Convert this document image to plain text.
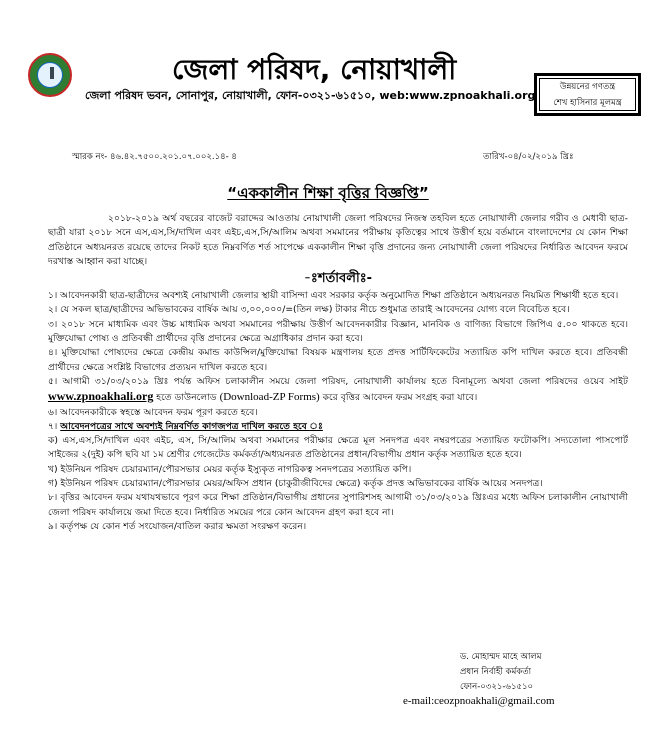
জেলা পরিষদ, নোয়াখালী
জেলা পরিষদ ভবন, সোনাপুর, নোয়াখালী, ফোন-০৩২১-৬১৫১০, web:www.zpnoakhali.org
উন্নয়নের গণতন্ত্র
শেখ হাসিনার মূলমন্ত্র
স্মারক নং- ৪৬.৪২.৭৫০০.২০১.০৭.০০২.১৪- ৪	তারিখ-০৪/০২/২০১৯ খ্রিঃ
“এককালীন শিক্ষা বৃত্তির বিজ্ঞপ্তি”

২০১৮-২০১৯ অর্থ বছরের বাজেট বরাদ্দের আওতায় নোয়াখালী জেলা পরিষদের নিজস্ব তহবিল হতে নোয়াখালী জেলার গরীব ও মেধাবী ছাত্র-ছাত্রী যারা ২০১৮ সনে এস,এস,সি/দাখিল এবং এইচ,এস,সি/আলিম অথবা সমমানের পরীক্ষায় কৃতিত্বের সাথে উত্তীর্ণ হয়ে বর্তমানে বাংলাদেশের যে কোন শিক্ষা প্রতিষ্ঠানে অধ্যয়নরত রয়েছে তাদের নিকট হতে নিম্নবর্ণিত শর্ত সাপেক্ষে এককালীন শিক্ষা বৃত্তি প্রদানের জন্য নোয়াখালী জেলা পরিষদের নির্ধারিত আবেদন ফরমে দরখাস্ত আহ্বান করা যাচ্ছে।

-ঃশর্তাবলীঃ-

১। আবেদনকারী ছাত্র-ছাত্রীদের অবশ্যই নোয়াখালী জেলার স্থায়ী বাসিন্দা এবং সরকার কর্তৃক অনুমোদিত শিক্ষা প্রতিষ্ঠানে অধ্যয়নরত নিয়মিত শিক্ষার্থী হতে হবে।

২। যে সকল ছাত্র/ছাত্রীদের অভিভাবকের বার্ষিক আয় ৩,০০,০০০/=(তিন লক্ষ) টাকার নীচে শুধুমাত্র তারাই আবেদনের যোগ্য বলে বিবেচিত হবে।

৩। ২০১৮ সনে মাধ্যমিক এবং উচ্চ মাধ্যমিক অথবা সমমানের পরীক্ষায় উত্তীর্ণ আবেদনকারীর বিজ্ঞান, মানবিক ও বাণিজ্য বিভাগে জিপিএ ৫.০০ থাকতে হবে। মুক্তিযোদ্ধা পোষ্য ও প্রতিবন্ধী প্রার্থীদের বৃত্তি প্রদানের ক্ষেত্রে অগ্রাধিকার প্রদান করা হবে।

৪। মুক্তিযোদ্ধা পোষ্যদের ক্ষেত্রে কেন্দ্রীয় কমান্ড কাউন্সিল/মুক্তিযোদ্ধা বিষয়ক মন্ত্রণালয় হতে প্রদত্ত সার্টিফিকেটের সত্যায়িত কপি দাখিল করতে হবে। প্রতিবন্ধী প্রার্থীদের ক্ষেত্রে সংশ্লিষ্ট বিভাগের প্রত্যয়ন দাখিল করতে হবে।

৫। আগামী ৩১/০৩/২০১৯ খ্রিঃ পর্যন্ত অফিস চলাকালীন সময়ে জেলা পরিষদ, নোয়াখালী কার্যালয় হতে বিনামূল্যে অথবা জেলা পরিষদের ওয়েব সাইট www.zpnoakhali.org হতে ডাউনলোড (Download-ZP Forms) করে বৃত্তির আবেদন ফরম সংগ্রহ করা যাবে।

৬। আবেদনকারীকে স্বহস্তে আবেদন ফরম পূরণ করতে হবে।

৭। আবেদনপত্রের সাথে অবশ্যই নিম্নবর্ণিত কাগজপত্র দাখিল করতে হবে ঃ

ক) এস,এস,সি/দাখিল এবং এইচ, এস, সি/আলিম অথবা সমমানের পরীক্ষার ক্ষেত্রে মূল সনদপত্র এবং নম্বরপত্রের সত্যায়িত ফটোকপি। সদ্যতোলা পাসপোর্ট সাইজের ২(দুই) কপি ছবি যা ১ম শ্রেণীর গেজেটেড কর্মকর্তা/অধ্যয়নরত প্রতিষ্ঠানের প্রধান/বিভাগীয় প্রধান কর্তৃক সত্যায়িত হতে হবে।

খ) ইউনিয়ন পরিষদ চেয়ারম্যান/পৌরসভার মেয়র কর্তৃক ইস্যুকৃত নাগরিকত্ব সনদপত্রের সত্যায়িত কপি।

গ) ইউনিয়ন পরিষদ চেয়ারম্যান/পৌরসভার মেয়র/অফিস প্রধান (চাকুরীজীবিদের ক্ষেত্রে) কর্তৃক প্রদত্ত অভিভাবকের বার্ষিক আয়ের সনদপত্র।

৮। বৃত্তির আবেদন ফরম যথাযথভাবে পূরণ করে শিক্ষা প্রতিষ্ঠান/বিভাগীয় প্রধানের সুপারিশসহ আগামী ৩১/০৩/২০১৯ খ্রিঃএর মধ্যে অফিস চলাকালীন নোয়াখালী জেলা পরিষদ কার্যালয়ে জমা দিতে হবে। নির্ধারিত সময়ের পরে কোন আবেদন গ্রহণ করা হবে না।

৯। কর্তৃপক্ষ যে কোন শর্ত সংযোজন/বাতিল করার ক্ষমতা সংরক্ষণ করেন।

ড. মোহাম্মদ মাহে আলম
প্রধান নির্বাহী কর্মকর্তা
ফোন-০৩২১-৬১৫১০
e-mail:ceozpnoakhali@gmail.com
